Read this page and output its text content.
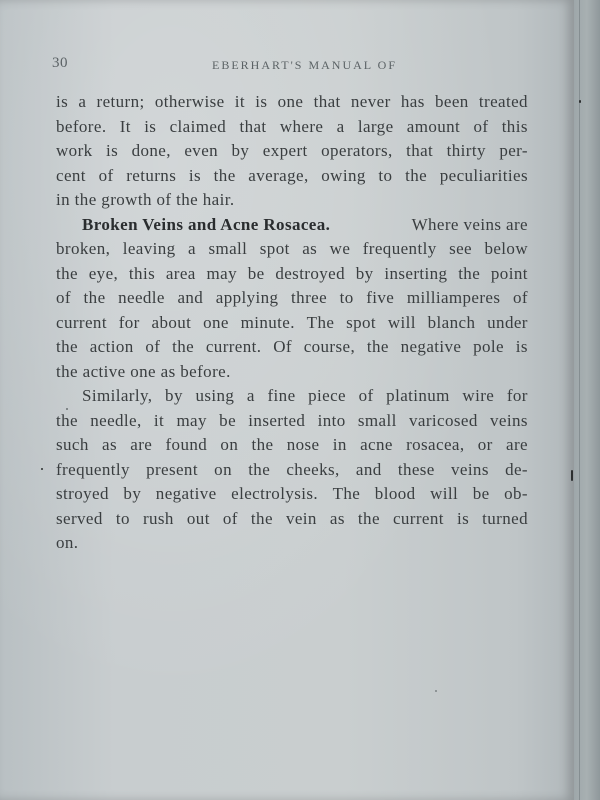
30	EBERHART'S MANUAL OF
is a return; otherwise it is one that never has been treated
before. It is claimed that where a large amount of this
work is done, even by expert operators, that thirty per-
cent of returns is the average, owing to the peculiarities
in the growth of the hair.
Broken Veins and Acne Rosacea.	Where veins are
broken, leaving a small spot as we frequently see below
the eye, this area may be destroyed by inserting the point
of the needle and applying three to five milliamperes of
current for about one minute. The spot will blanch under
the action of the current. Of course, the negative pole is
the active one as before.
Similarly, by using a fine piece of platinum wire for
the needle, it may be inserted into small varicosed veins
such as are found on the nose in acne rosacea, or are
frequently present on the cheeks, and these veins de-
stroyed by negative electrolysis. The blood will be ob-
served to rush out of the vein as the current is turned
on.
